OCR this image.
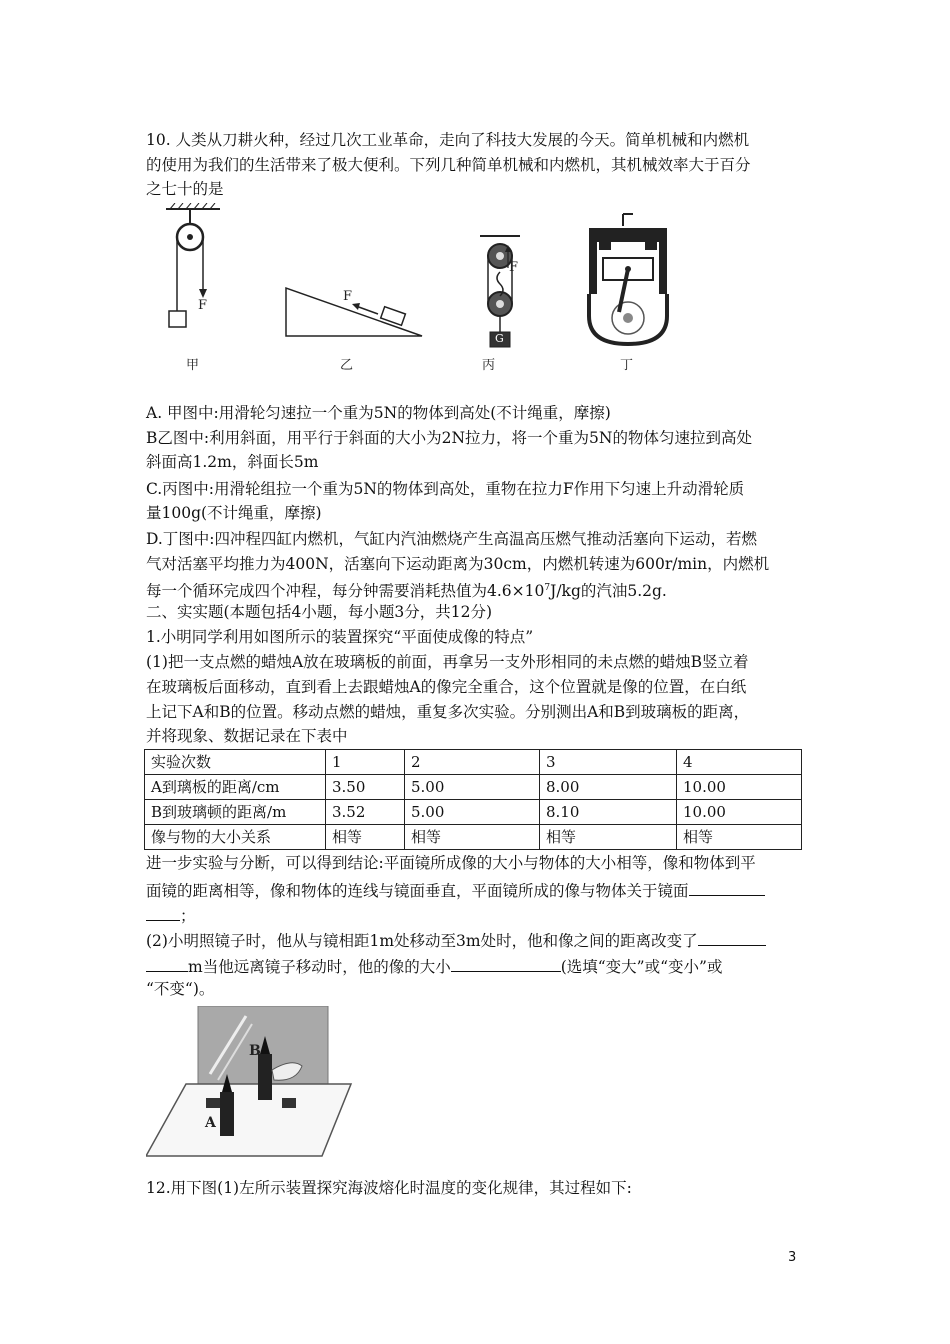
10. 人类从刀耕火种，经过几次工业革命，走向了科技大发展的今天。简单机械和内燃机
的使用为我们的生活带来了极大便利。下列几种简单机械和内燃机，其机械效率大于百分
之七十的是
F
甲
F
乙
F
G
丙	丁
A. 甲图中:用滑轮匀速拉一个重为5N的物体到高处(不计绳重，摩擦)
B乙图中:利用斜面，用平行于斜面的大小为2N拉力，将一个重为5N的物体匀速拉到高处
斜面高1.2m，斜面长5m
C.丙图中:用滑轮组拉一个重为5N的物体到高处，重物在拉力F作用下匀速上升动滑轮质
量100g(不计绳重，摩擦)
D.丁图中:四冲程四缸内燃机，气缸内汽油燃烧产生高温高压燃气推动活塞向下运动，若燃
气对活塞平均推力为400N，活塞向下运动距离为30cm，内燃机转速为600r/min，内燃机
每一个循环完成四个冲程，每分钟需要消耗热值为$4.6\times 10^7J/kg$的汽油5.2g.
二、实实题(本题包括4小题，每小题3分，共12分)
1.小明同学利用如图所示的装置探究“平面使成像的特点”
(1)把一支点燃的蜡烛A放在玻璃板的前面，再拿另一支外形相同的未点燃的蜡烛B竖立着
在玻璃板后面移动，直到看上去跟蜡烛A的像完全重合，这个位置就是像的位置，在白纸
上记下A和B的位置。移动点燃的蜡烛，重复多次实验。分别测出A和B到玻璃板的距离，
并将现象、数据记录在下表中
实验次数	1	2	3	4
A到璃板的距离/cm	3.50	5.00	8.00	10.00
B到玻璃顿的距离/m	3.52	5.00	8.10	10.00
像与物的大小关系	相等	相等	相等	相等
进一步实验与分断，可以得到结论:平面镜所成像的大小与物体的大小相等，像和物体到平
面镜的距离相等，像和物体的连线与镜面垂直，平面镜所成的像与物体关于镜面
；
(2)小明照镜子时，他从与镜相距1m处移动至3m处时，他和像之间的距离改变了
m当他远离镜子移动时，他的像的大小	(选填“变大”或“变小”或
“不变“)。
B
A
12.用下图(1)左所示装置探究海波熔化时温度的变化规律，其过程如下:
3
